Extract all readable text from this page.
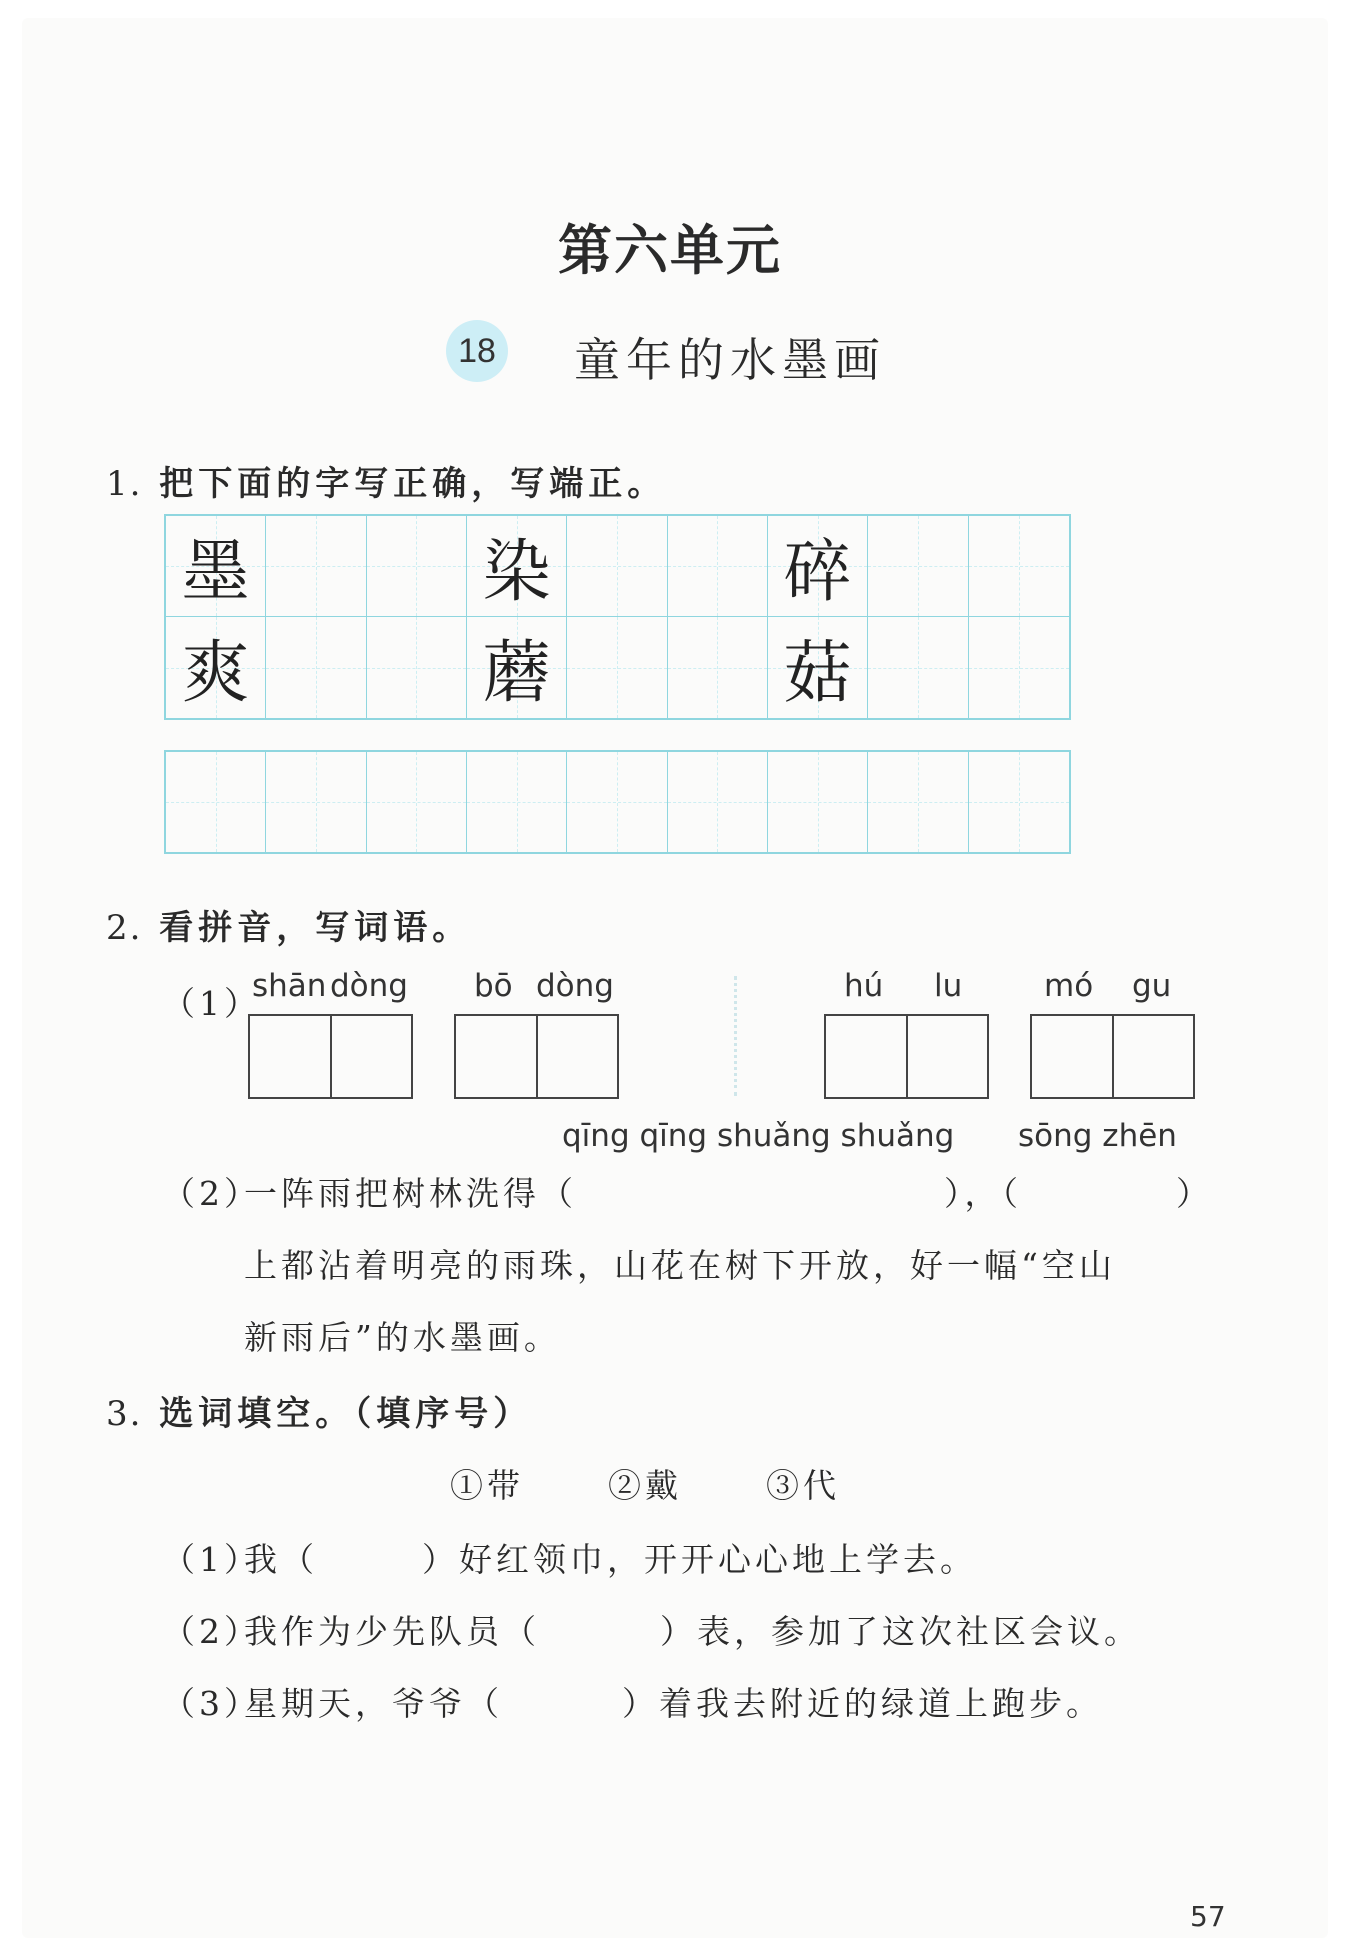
第六单元
18 童年的水墨画
1. 把下面的字写正确，写端正。
墨	染	碎
爽	蘑	菇
2. 看拼音，写词语。
（1）
shān dòng bō dòng	hú lu	mó gu
qīng qīng shuǎng shuǎng sōng zhēn
（2）
一阵雨把树林洗得（	），（	）
上都沾着明亮的雨珠，山花在树下开放，好一幅“空山
新雨后”的水墨画。
3. 选词填空。（填序号）
①带	②戴	③代
（1）
我（	）好红领巾，开开心心地上学去。
（2）
我作为少先队员（	）表，参加了这次社区会议。
（3）
星期天，爷爷（	）着我去附近的绿道上跑步。
57
